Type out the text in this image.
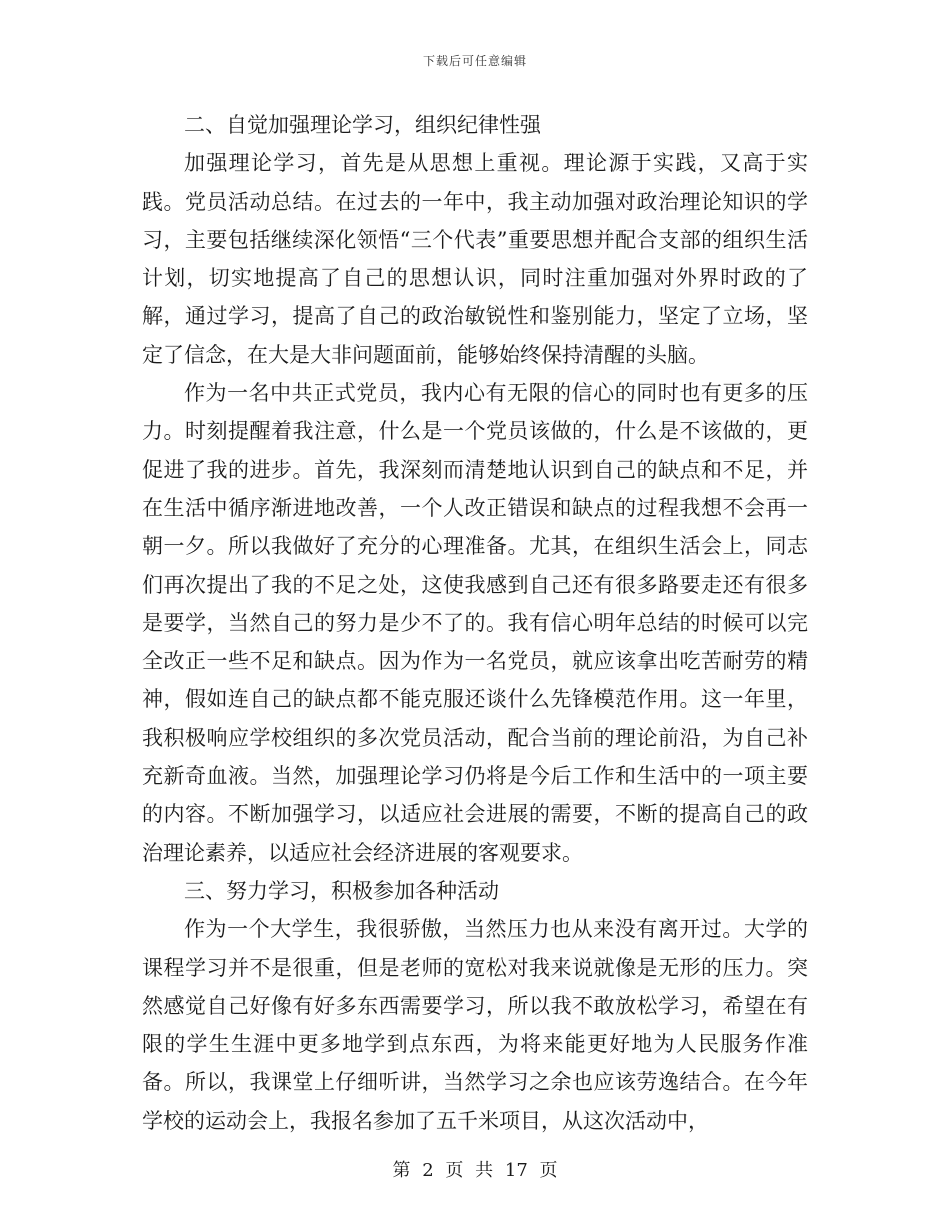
下载后可任意编辑

二、自觉加强理论学习，组织纪律性强

加强理论学习，首先是从思想上重视。理论源于实践，又高于实践。党员活动总结。在过去的一年中，我主动加强对政治理论知识的学习，主要包括继续深化领悟“三个代表”重要思想并配合支部的组织生活计划，切实地提高了自己的思想认识，同时注重加强对外界时政的了解，通过学习，提高了自己的政治敏锐性和鉴别能力，坚定了立场，坚定了信念，在大是大非问题面前，能够始终保持清醒的头脑。

作为一名中共正式党员，我内心有无限的信心的同时也有更多的压力。时刻提醒着我注意，什么是一个党员该做的，什么是不该做的，更促进了我的进步。首先，我深刻而清楚地认识到自己的缺点和不足，并在生活中循序渐进地改善，一个人改正错误和缺点的过程我想不会再一朝一夕。所以我做好了充分的心理准备。尤其，在组织生活会上，同志们再次提出了我的不足之处，这使我感到自己还有很多路要走还有很多是要学，当然自己的努力是少不了的。我有信心明年总结的时候可以完全改正一些不足和缺点。因为作为一名党员，就应该拿出吃苦耐劳的精神，假如连自己的缺点都不能克服还谈什么先锋模范作用。这一年里，我积极响应学校组织的多次党员活动，配合当前的理论前沿，为自己补充新奇血液。当然，加强理论学习仍将是今后工作和生活中的一项主要的内容。不断加强学习，以适应社会进展的需要，不断的提高自己的政治理论素养，以适应社会经济进展的客观要求。

三、努力学习，积极参加各种活动

作为一个大学生，我很骄傲，当然压力也从来没有离开过。大学的课程学习并不是很重，但是老师的宽松对我来说就像是无形的压力。突然感觉自己好像有好多东西需要学习，所以我不敢放松学习，希望在有限的学生生涯中更多地学到点东西，为将来能更好地为人民服务作准备。所以，我课堂上仔细听讲，当然学习之余也应该劳逸结合。在今年学校的运动会上，我报名参加了五千米项目，从这次活动中，

第 2 页 共 17 页
